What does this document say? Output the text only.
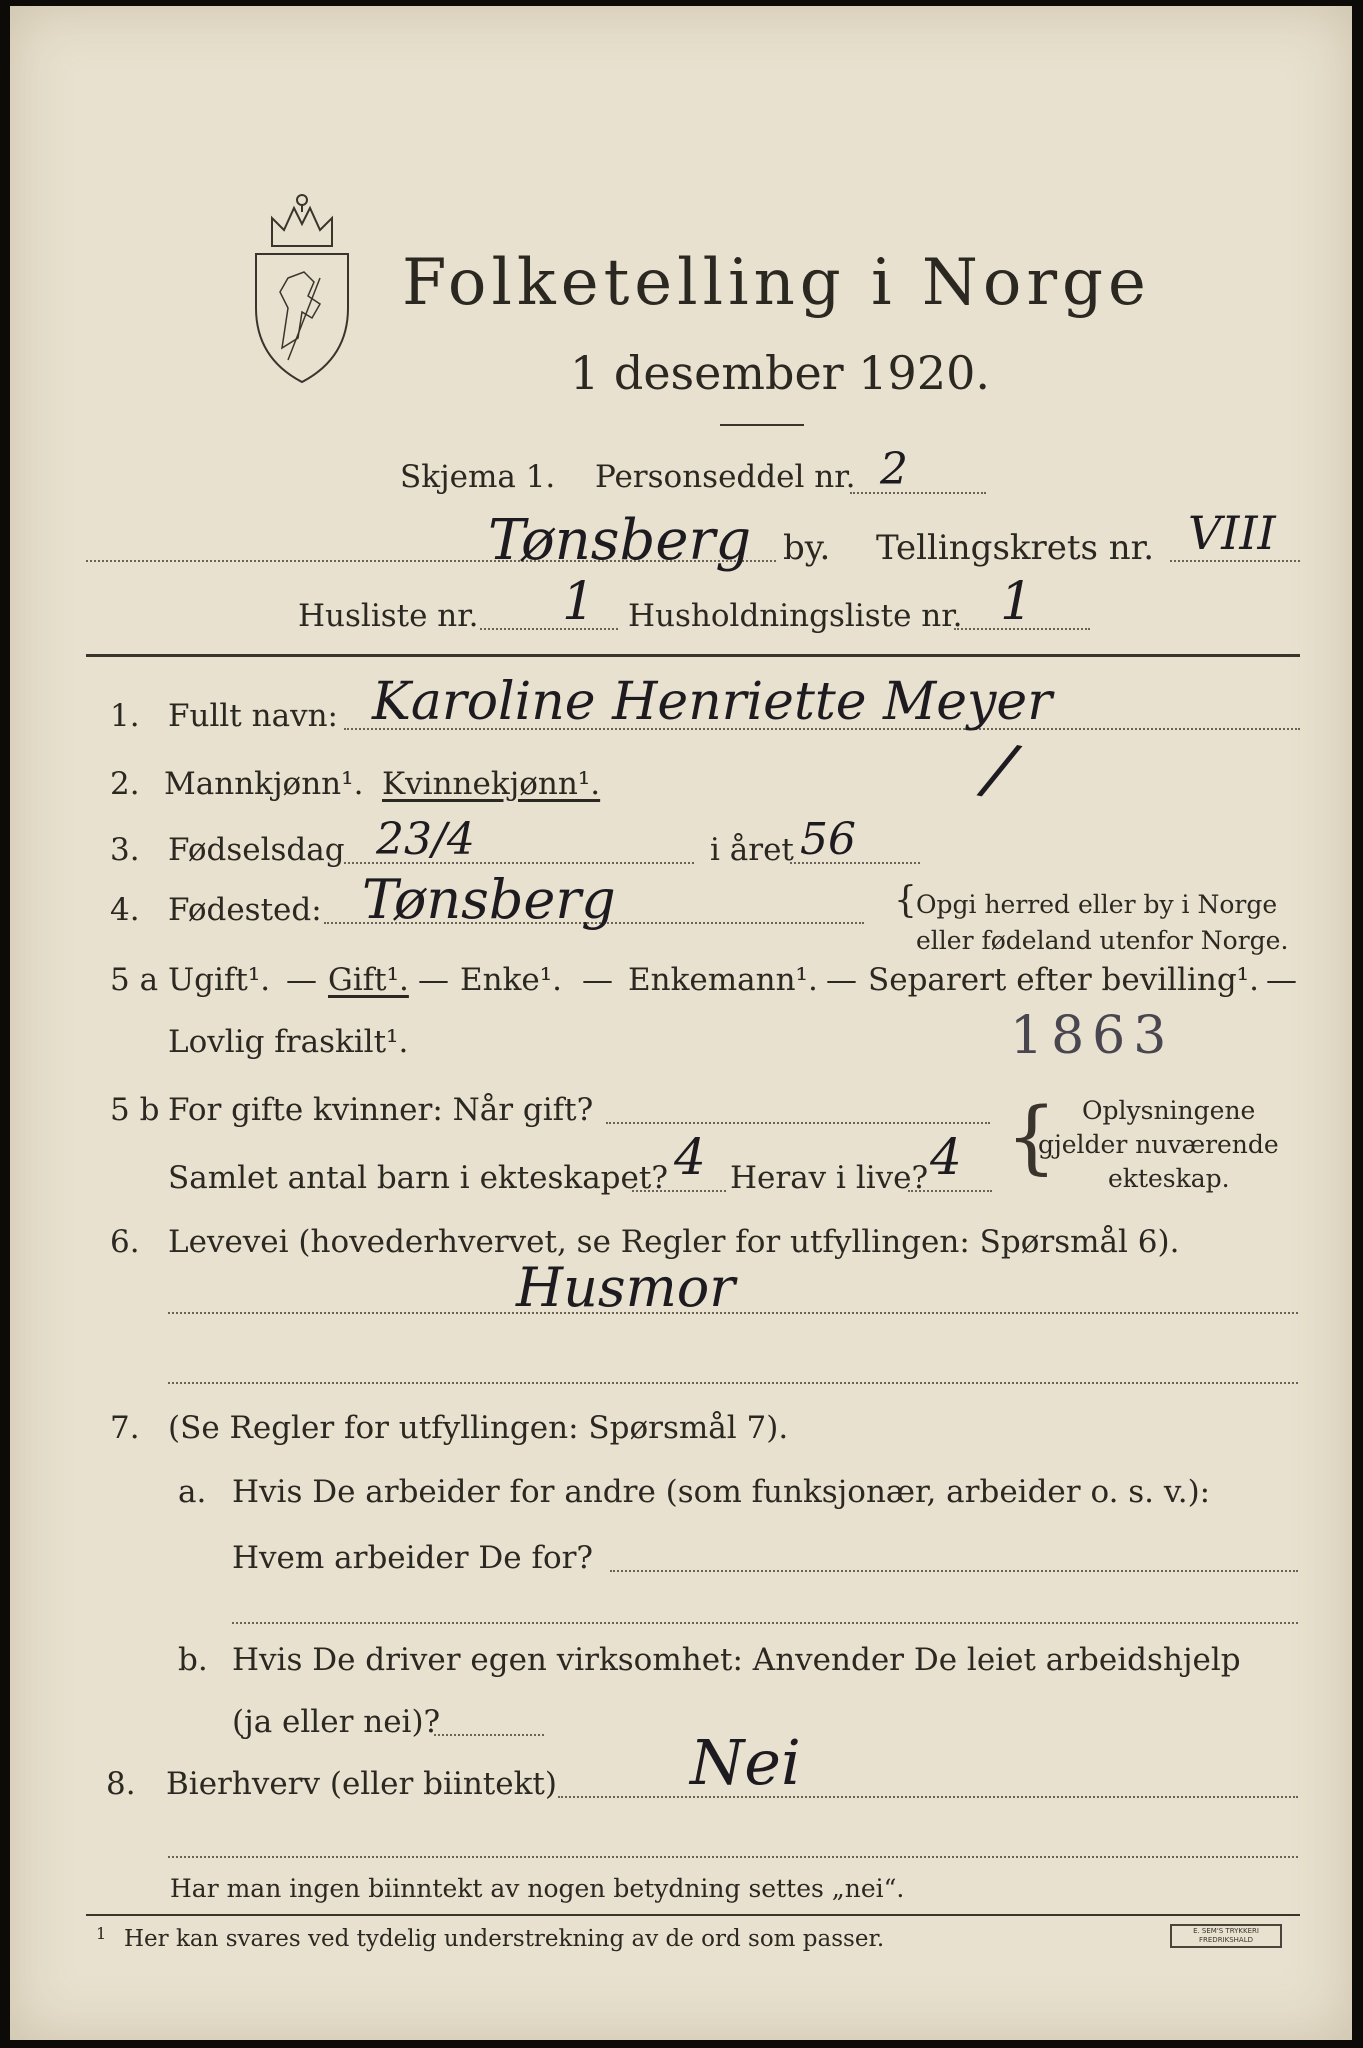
Folketelling i Norge
1 desember 1920.
Skjema 1. Personseddel nr. 2
Tønsberg by. Tellingskrets nr. VIII
Husliste nr. 1 Husholdningsliste nr. 1
1. Fullt navn: Karoline Henriette Meyer
2. Mannkjønn¹. Kvinnekjønn¹.	/
3. Fødselsdag 23/4	i året 56
4. Fødested: Tønsberg	{ Opgi herred eller by i Norge
eller fødeland utenfor Norge.
5 a Ugift¹. — Gift¹. — Enke¹. — Enkemann¹. — Separert efter bevilling¹. —
Lovlig fraskilt¹.	1863
5 b For gifte kvinner: Når gift?
Samlet antal barn i ekteskapet? 4 Herav i live? 4 { Oplysningene
gjelder nuværende
ekteskap.
6. Levevei (hovederhvervet, se Regler for utfyllingen: Spørsmål 6).
Husmor
7. (Se Regler for utfyllingen: Spørsmål 7).
a. Hvis De arbeider for andre (som funksjonær, arbeider o. s. v.):
Hvem arbeider De for?
b. Hvis De driver egen virksomhet: Anvender De leiet arbeidshjelp
(ja eller nei)?
8. Bierhverv (eller biintekt) Nei
Har man ingen biinntekt av nogen betydning settes „nei“.
1 Her kan svares ved tydelig understrekning av de ord som passer.	E. SEM'S TRYKKERI
FREDRIKSHALD
